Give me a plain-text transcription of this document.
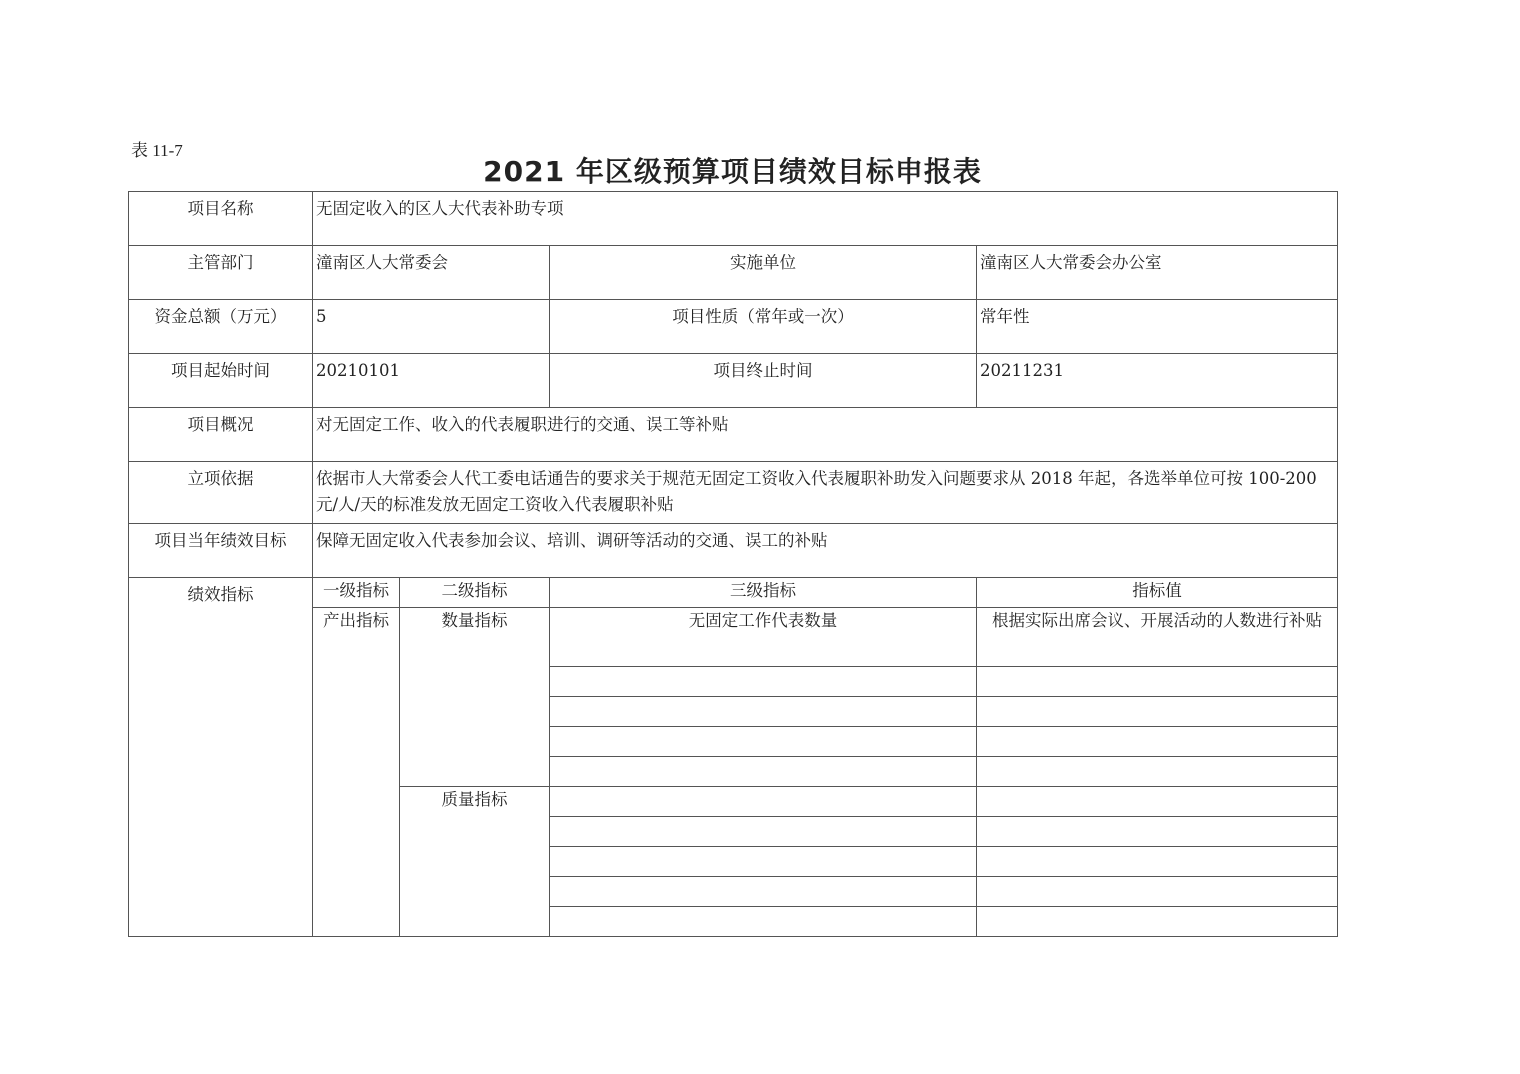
表 11-7
2021 年区级预算项目绩效目标申报表
项目名称	无固定收入的区人大代表补助专项			
主管部门	潼南区人大常委会		实施单位	潼南区人大常委会办公室
资金总额（万元）	5		项目性质（常年或一次）	常年性
项目起始时间	20210101		项目终止时间	20211231
项目概况	对无固定工作、收入的代表履职进行的交通、误工等补贴			
立项依据	依据市人大常委会人代工委电话通告的要求关于规范无固定工资收入代表履职补助发入问题要求从 2018 年起，各选举单位可按 100-200 元/人/天的标准发放无固定工资收入代表履职补贴			
项目当年绩效目标	保障无固定收入代表参加会议、培训、调研等活动的交通、误工的补贴			
绩效指标	一级指标	二级指标	三级指标	指标值
	产出指标	数量指标	无固定工作代表数量	根据实际出席会议、开展活动的人数进行补贴

		质量指标		
